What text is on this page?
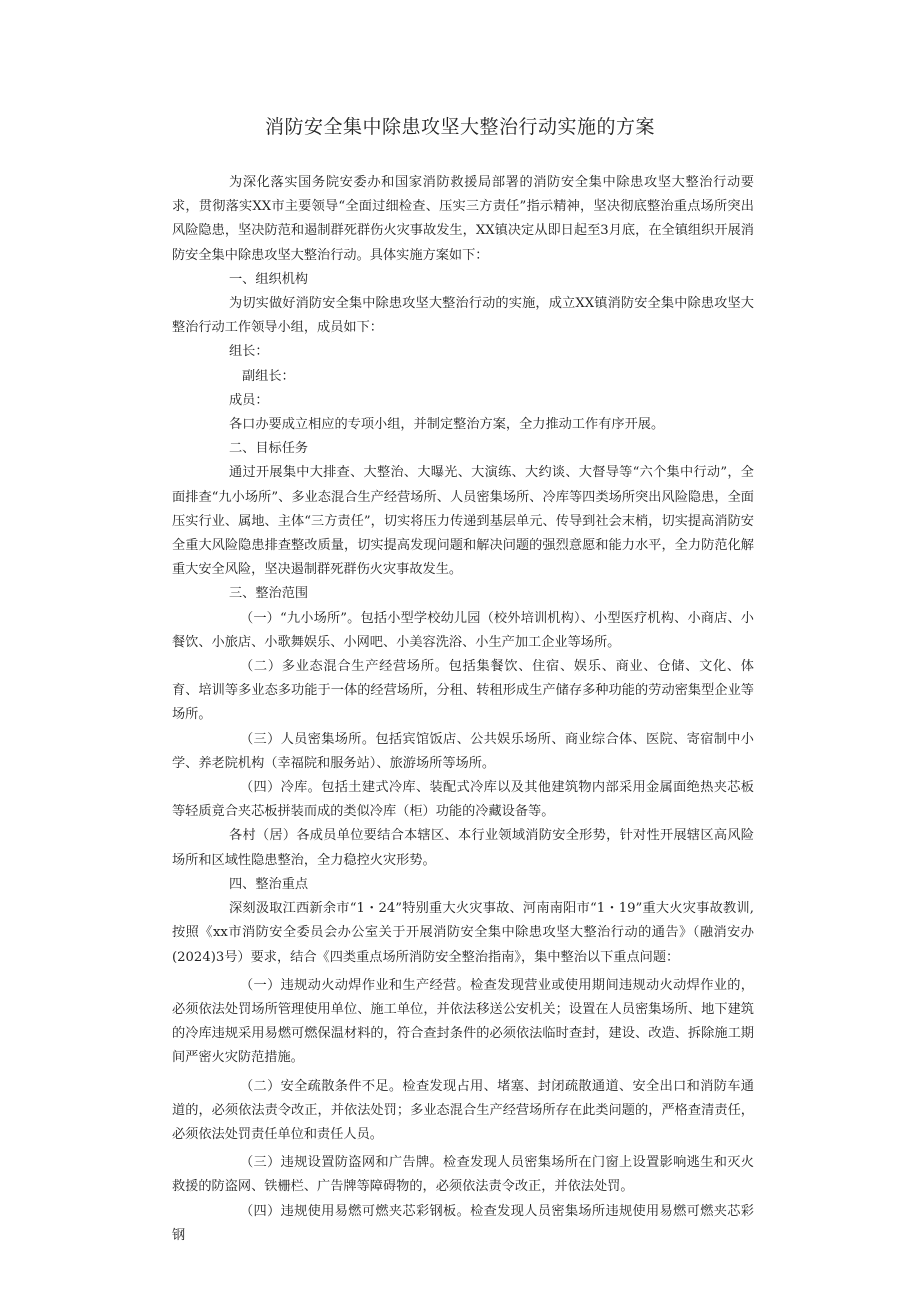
消防安全集中除患攻坚大整治行动实施的方案

为深化落实国务院安委办和国家消防救援局部署的消防安全集中除患攻坚大整治行动要求，贯彻落实XX市主要领导“全面过细检查、压实三方责任”指示精神，坚决彻底整治重点场所突出风险隐患，坚决防范和遏制群死群伤火灾事故发生，XX镇决定从即日起至3月底，在全镇组织开展消防安全集中除患攻坚大整治行动。具体实施方案如下：

一、组织机构

为切实做好消防安全集中除患攻坚大整治行动的实施，成立XX镇消防安全集中除患攻坚大整治行动工作领导小组，成员如下：

组长：

副组长：

成员：

各口办要成立相应的专项小组，并制定整治方案，全力推动工作有序开展。

二、目标任务

通过开展集中大排查、大整治、大曝光、大演练、大约谈、大督导等“六个集中行动”，全面排查“九小场所”、多业态混合生产经营场所、人员密集场所、冷库等四类场所突出风险隐患，全面压实行业、属地、主体“三方责任”，切实将压力传递到基层单元、传导到社会末梢，切实提高消防安全重大风险隐患排查整改质量，切实提高发现问题和解决问题的强烈意愿和能力水平，全力防范化解重大安全风险，坚决遏制群死群伤火灾事故发生。

三、整治范围

（一）“九小场所”。包括小型学校幼儿园（校外培训机构）、小型医疗机构、小商店、小餐饮、小旅店、小歌舞娱乐、小网吧、小美容洗浴、小生产加工企业等场所。

（二）多业态混合生产经营场所。包括集餐饮、住宿、娱乐、商业、仓储、文化、体育、培训等多业态多功能于一体的经营场所，分租、转租形成生产储存多种功能的劳动密集型企业等场所。

（三）人员密集场所。包括宾馆饭店、公共娱乐场所、商业综合体、医院、寄宿制中小学、养老院机构（幸福院和服务站）、旅游场所等场所。

（四）冷库。包括土建式冷库、装配式冷库以及其他建筑物内部采用金属面绝热夹芯板等轻质竟合夹芯板拼装而成的类似冷库（柜）功能的冷藏设备等。

各村（居）各成员单位要结合本辖区、本行业领域消防安全形势，针对性开展辖区高风险场所和区域性隐患整治，全力稳控火灾形势。

四、整治重点

深刻汲取江西新余市“1・24”特别重大火灾事故、河南南阳市“1・19”重大火灾事故教训,按照《xx市消防安全委员会办公室关于开展消防安全集中除患攻坚大整治行动的通告》（融消安办(2024)3号）要求，结合《四类重点场所消防安全整治指南》，集中整治以下重点问题：

（一）违规动火动焊作业和生产经营。检查发现营业或使用期间违规动火动焊作业的，必须依法处罚场所管理使用单位、施工单位，并依法移送公安机关；设置在人员密集场所、地下建筑的冷库违规采用易燃可燃保温材料的，符合查封条件的必须依法临时查封，建设、改造、拆除施工期间严密火灾防范措施。

（二）安全疏散条件不足。检查发现占用、堵塞、封闭疏散通道、安全出口和消防车通道的，必须依法责令改正，并依法处罚；多业态混合生产经营场所存在此类问题的，严格查清责任，必须依法处罚责任单位和责任人员。

（三）违规设置防盗网和广告牌。检查发现人员密集场所在门窗上设置影响逃生和灭火救援的防盗网、铁栅栏、广告牌等障碍物的，必须依法责令改正，并依法处罚。

（四）违规使用易燃可燃夹芯彩钢板。检查发现人员密集场所违规使用易燃可燃夹芯彩钢
